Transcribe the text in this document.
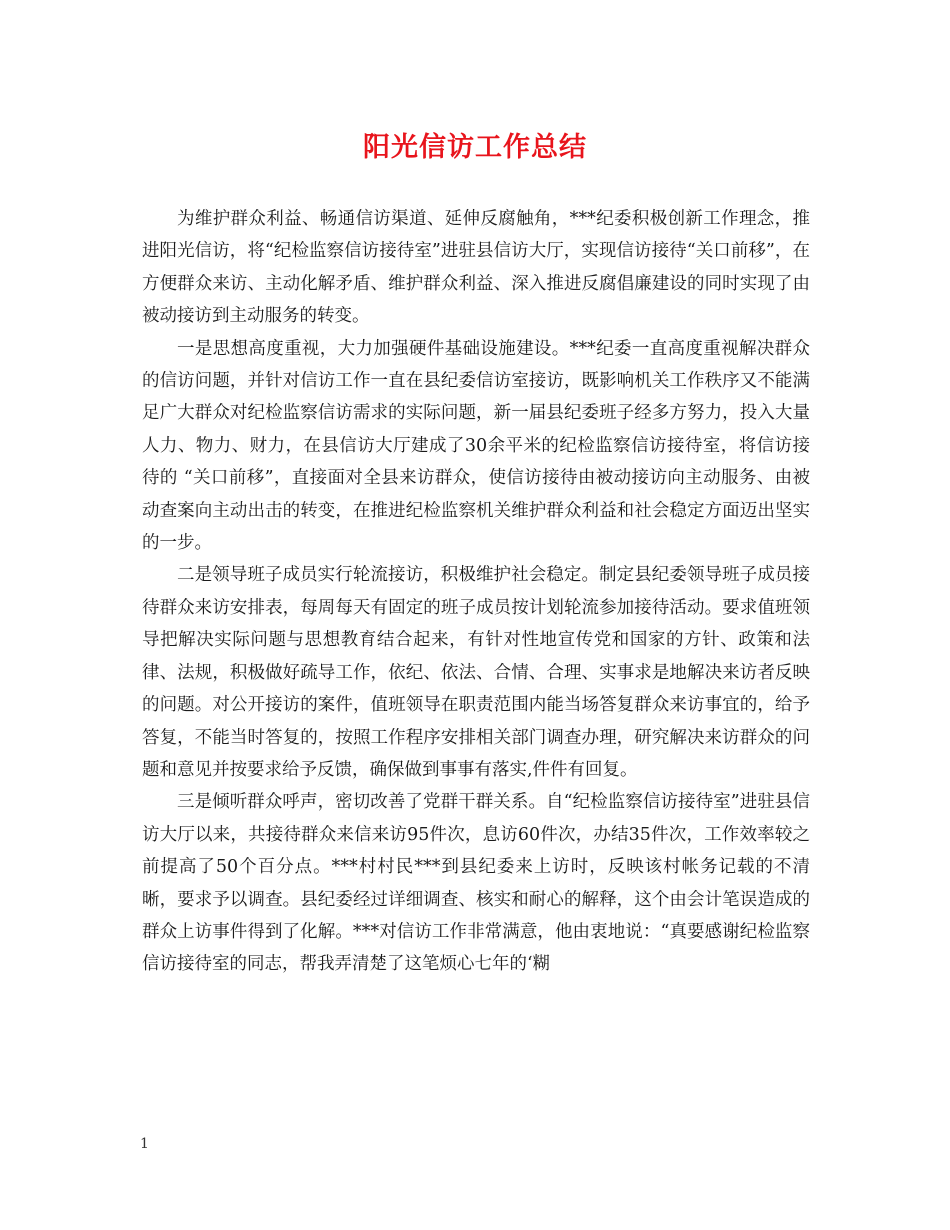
阳光信访工作总结

为维护群众利益、畅通信访渠道、延伸反腐触角，***纪委积极创新工作理念，推进阳光信访，将“纪检监察信访接待室”进驻县信访大厅，实现信访接待“关口前移”，在方便群众来访、主动化解矛盾、维护群众利益、深入推进反腐倡廉建设的同时实现了由被动接访到主动服务的转变。

一是思想高度重视，大力加强硬件基础设施建设。***纪委一直高度重视解决群众的信访问题，并针对信访工作一直在县纪委信访室接访，既影响机关工作秩序又不能满足广大群众对纪检监察信访需求的实际问题，新一届县纪委班子经多方努力，投入大量人力、物力、财力，在县信访大厅建成了30余平米的纪检监察信访接待室，将信访接待的 “关口前移”，直接面对全县来访群众，使信访接待由被动接访向主动服务、由被动查案向主动出击的转变，在推进纪检监察机关维护群众利益和社会稳定方面迈出坚实的一步。

二是领导班子成员实行轮流接访，积极维护社会稳定。制定县纪委领导班子成员接待群众来访安排表，每周每天有固定的班子成员按计划轮流参加接待活动。要求值班领导把解决实际问题与思想教育结合起来，有针对性地宣传党和国家的方针、政策和法律、法规，积极做好疏导工作，依纪、依法、合情、合理、实事求是地解决来访者反映的问题。对公开接访的案件，值班领导在职责范围内能当场答复群众来访事宜的，给予答复，不能当时答复的，按照工作程序安排相关部门调查办理，研究解决来访群众的问题和意见并按要求给予反馈，确保做到事事有落实,件件有回复。

三是倾听群众呼声，密切改善了党群干群关系。自“纪检监察信访接待室”进驻县信访大厅以来，共接待群众来信来访95件次，息访60件次，办结35件次，工作效率较之前提高了50个百分点。***村村民***到县纪委来上访时，反映该村帐务记载的不清晰，要求予以调查。县纪委经过详细调查、核实和耐心的解释，这个由会计笔误造成的群众上访事件得到了化解。***对信访工作非常满意，他由衷地说：“真要感谢纪检监察信访接待室的同志，帮我弄清楚了这笔烦心七年的‘糊

1
